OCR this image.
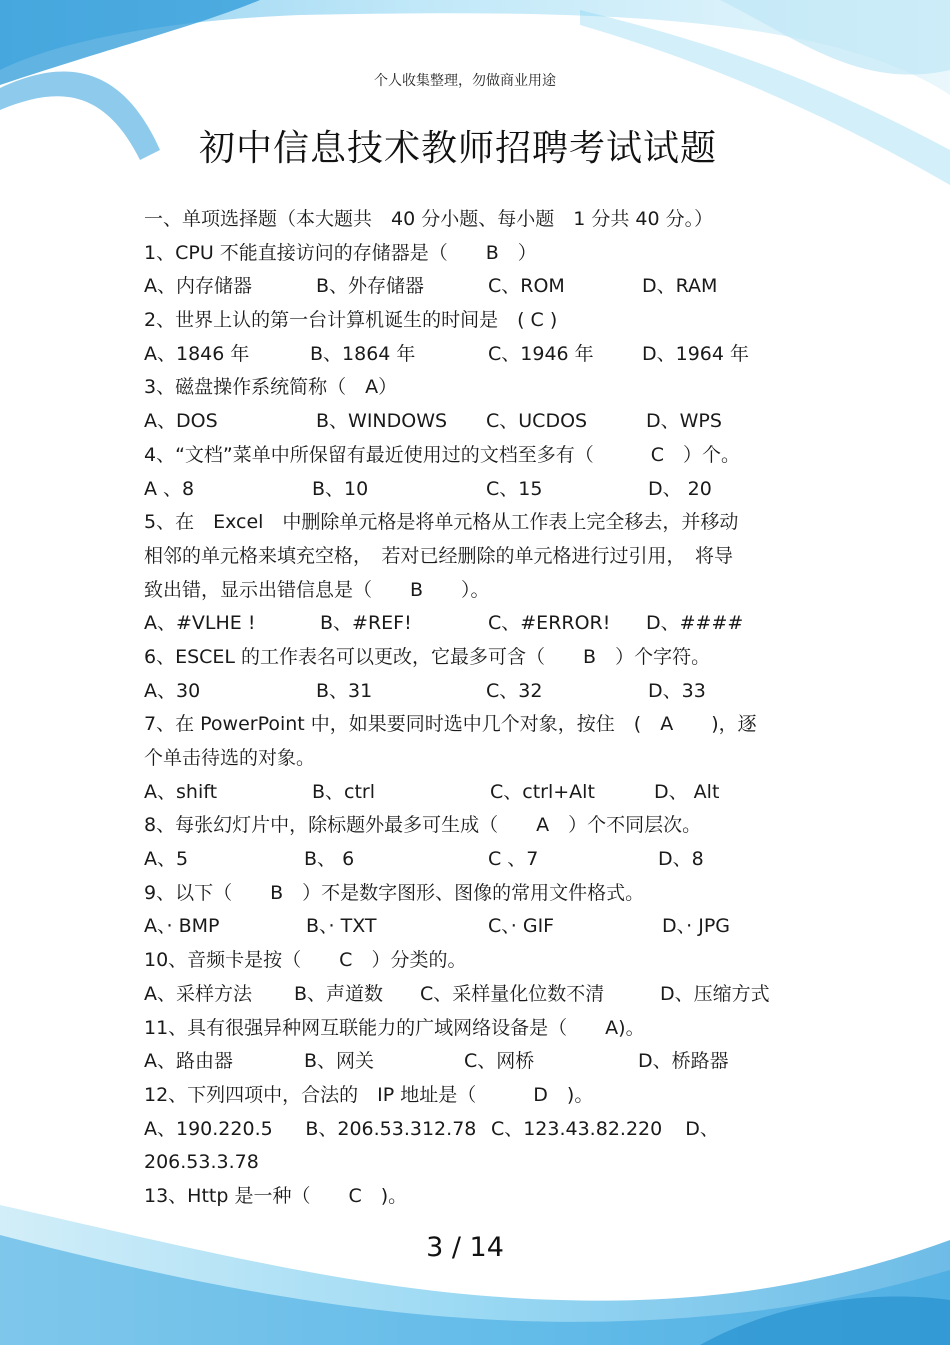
个人收集整理，勿做商业用途
初中信息技术教师招聘考试试题
一、单项选择题（本大题共　40 分小题、每小题　1 分共 40 分。）
1、CPU 不能直接访问的存储器是（　　B　）
A、内存储器	B、外存储器	C、ROM	D、RAM
2、世界上认的第一台计算机诞生的时间是　( C )
A、1846 年	B、1864 年	C、1946 年	D、1964 年
3、磁盘操作系统简称（　A）
A、DOS	B、WINDOWS	C、UCDOS	D、WPS
4、“文档”菜单中所保留有最近使用过的文档至多有（　　　C　）个。
A 、8	B、10	C、15	D、 20
5、在　Excel　中删除单元格是将单元格从工作表上完全移去，并移动
相邻的单元格来填充空格，　若对已经删除的单元格进行过引用，　将导
致出错，显示出错信息是（　　B　　）。
A、#VLHE !	B、#REF!	C、#ERROR!	D、####
6、ESCEL 的工作表名可以更改，它最多可含（　　B　）个字符。
A、30	B、31	C、32	D、33
7、在 PowerPoint 中，如果要同时选中几个对象，按住　(　A　　)，逐
个单击待选的对象。
A、shift	B、ctrl	C、ctrl+Alt	D、 Alt
8、每张幻灯片中，除标题外最多可生成（　　A　）个不同层次。
A、5	B、 6	C 、7	D、8
9、以下（　　B　）不是数字图形、图像的常用文件格式。
A、· BMP	B、· TXT	C、· GIF	D、· JPG
10、音频卡是按（　　C　）分类的。
A、采样方法	B、声道数	C、采样量化位数不清	D、压缩方式
11、具有很强异种网互联能力的广域网络设备是（　　A)。
A、路由器	B、网关	C、网桥	D、桥路器
12、下列四项中，合法的　IP 地址是（　　　D　)。
A、190.220.5	B、206.53.312.78 C、123.43.82.220	D、
206.53.3.78
13、Http 是一种（　　C　)。
3 / 14
